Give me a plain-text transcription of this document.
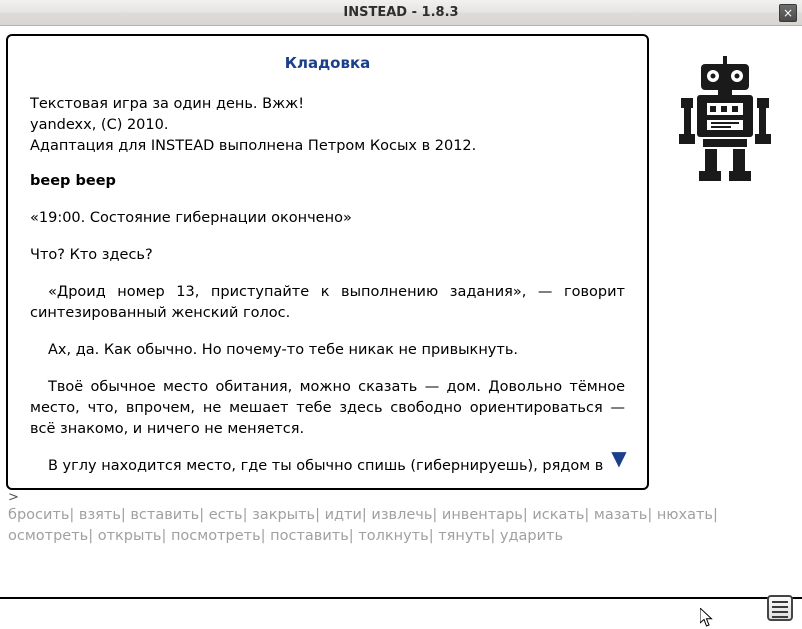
INSTEAD - 1.8.3	×
Кладовка

Текстовая игра за один день. Вжж!
yandexx, (C) 2010.
Адаптация для INSTEAD выполнена Петром Косых в 2012.

beep beep

«19:00. Состояние гибернации окончено»

Что? Кто здесь?

«Дроид номер 13, приступайте к выполнению задания», — говорит синтезированный женский голос.

Ах, да. Как обычно. Но почему-то тебе никак не привыкнуть.

Твоё обычное место обитания, можно сказать — дом. Довольно тёмное место, что, впрочем, не мешает тебе здесь свободно ориентироваться — всё знакомо, и ничего не меняется.

В углу находится место, где ты обычно спишь (гибернируешь), рядом в ▼
>
бросить| взять| вставить| есть| закрыть| идти| извлечь| инвентарь| искать| мазать| нюхать| осмотреть| открыть| посмотреть| поставить| толкнуть| тянуть| ударить
